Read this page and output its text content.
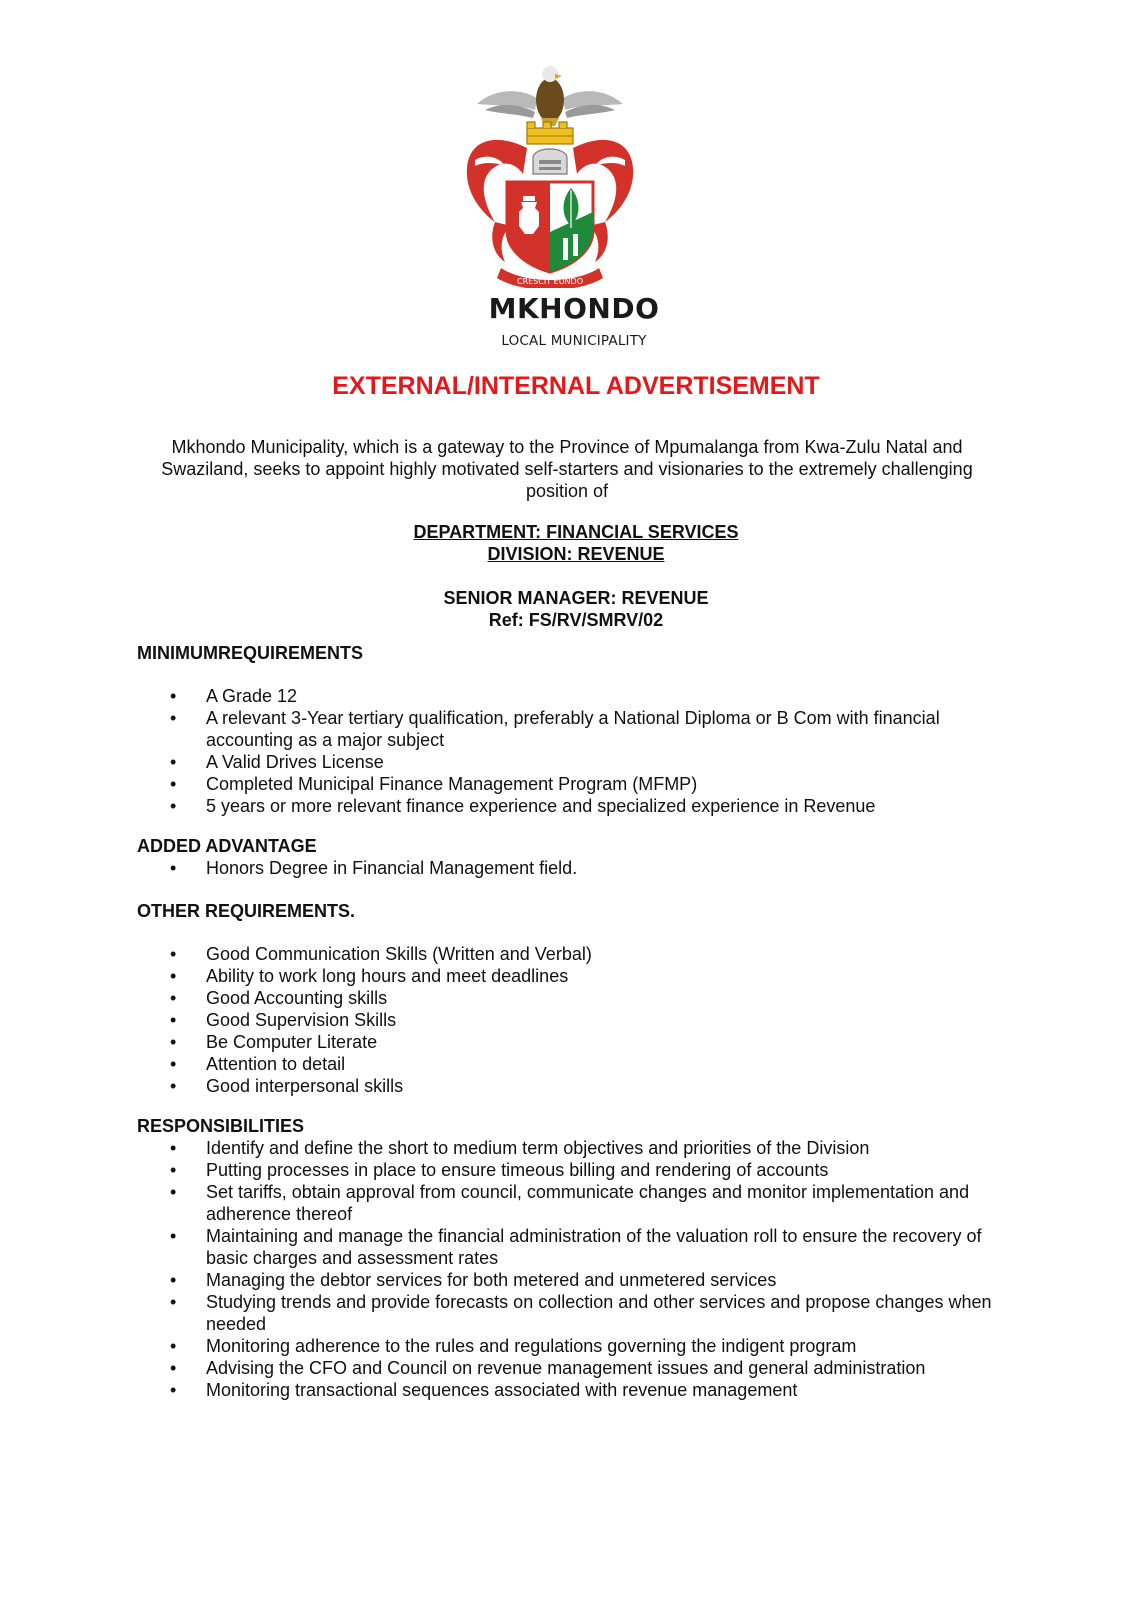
CRESCIT EUNDO
MKHONDO
LOCAL MUNICIPALITY
EXTERNAL/INTERNAL ADVERTISEMENT
Mkhondo Municipality, which is a gateway to the Province of Mpumalanga from Kwa-Zulu Natal and Swaziland, seeks to appoint highly motivated self-starters and visionaries to the extremely challenging position of
DEPARTMENT: FINANCIAL SERVICES
DIVISION: REVENUE
SENIOR MANAGER: REVENUE
Ref: FS/RV/SMRV/02
MINIMUMREQUIREMENTS
• A Grade 12
• A relevant 3-Year tertiary qualification, preferably a National Diploma or B Com with financial accounting as a major subject
• A Valid Drives License
• Completed Municipal Finance Management Program (MFMP)
• 5 years or more relevant finance experience and specialized experience in Revenue
ADDED ADVANTAGE
• Honors Degree in Financial Management field.
OTHER REQUIREMENTS.
• Good Communication Skills (Written and Verbal)
• Ability to work long hours and meet deadlines
• Good Accounting skills
• Good Supervision Skills
• Be Computer Literate
• Attention to detail
• Good interpersonal skills
RESPONSIBILITIES
• Identify and define the short to medium term objectives and priorities of the Division
• Putting processes in place to ensure timeous billing and rendering of accounts
• Set tariffs, obtain approval from council, communicate changes and monitor implementation and adherence thereof
• Maintaining and manage the financial administration of the valuation roll to ensure the recovery of basic charges and assessment rates
• Managing the debtor services for both metered and unmetered services
• Studying trends and provide forecasts on collection and other services and propose changes when needed
• Monitoring adherence to the rules and regulations governing the indigent program
• Advising the CFO and Council on revenue management issues and general administration
• Monitoring transactional sequences associated with revenue management
